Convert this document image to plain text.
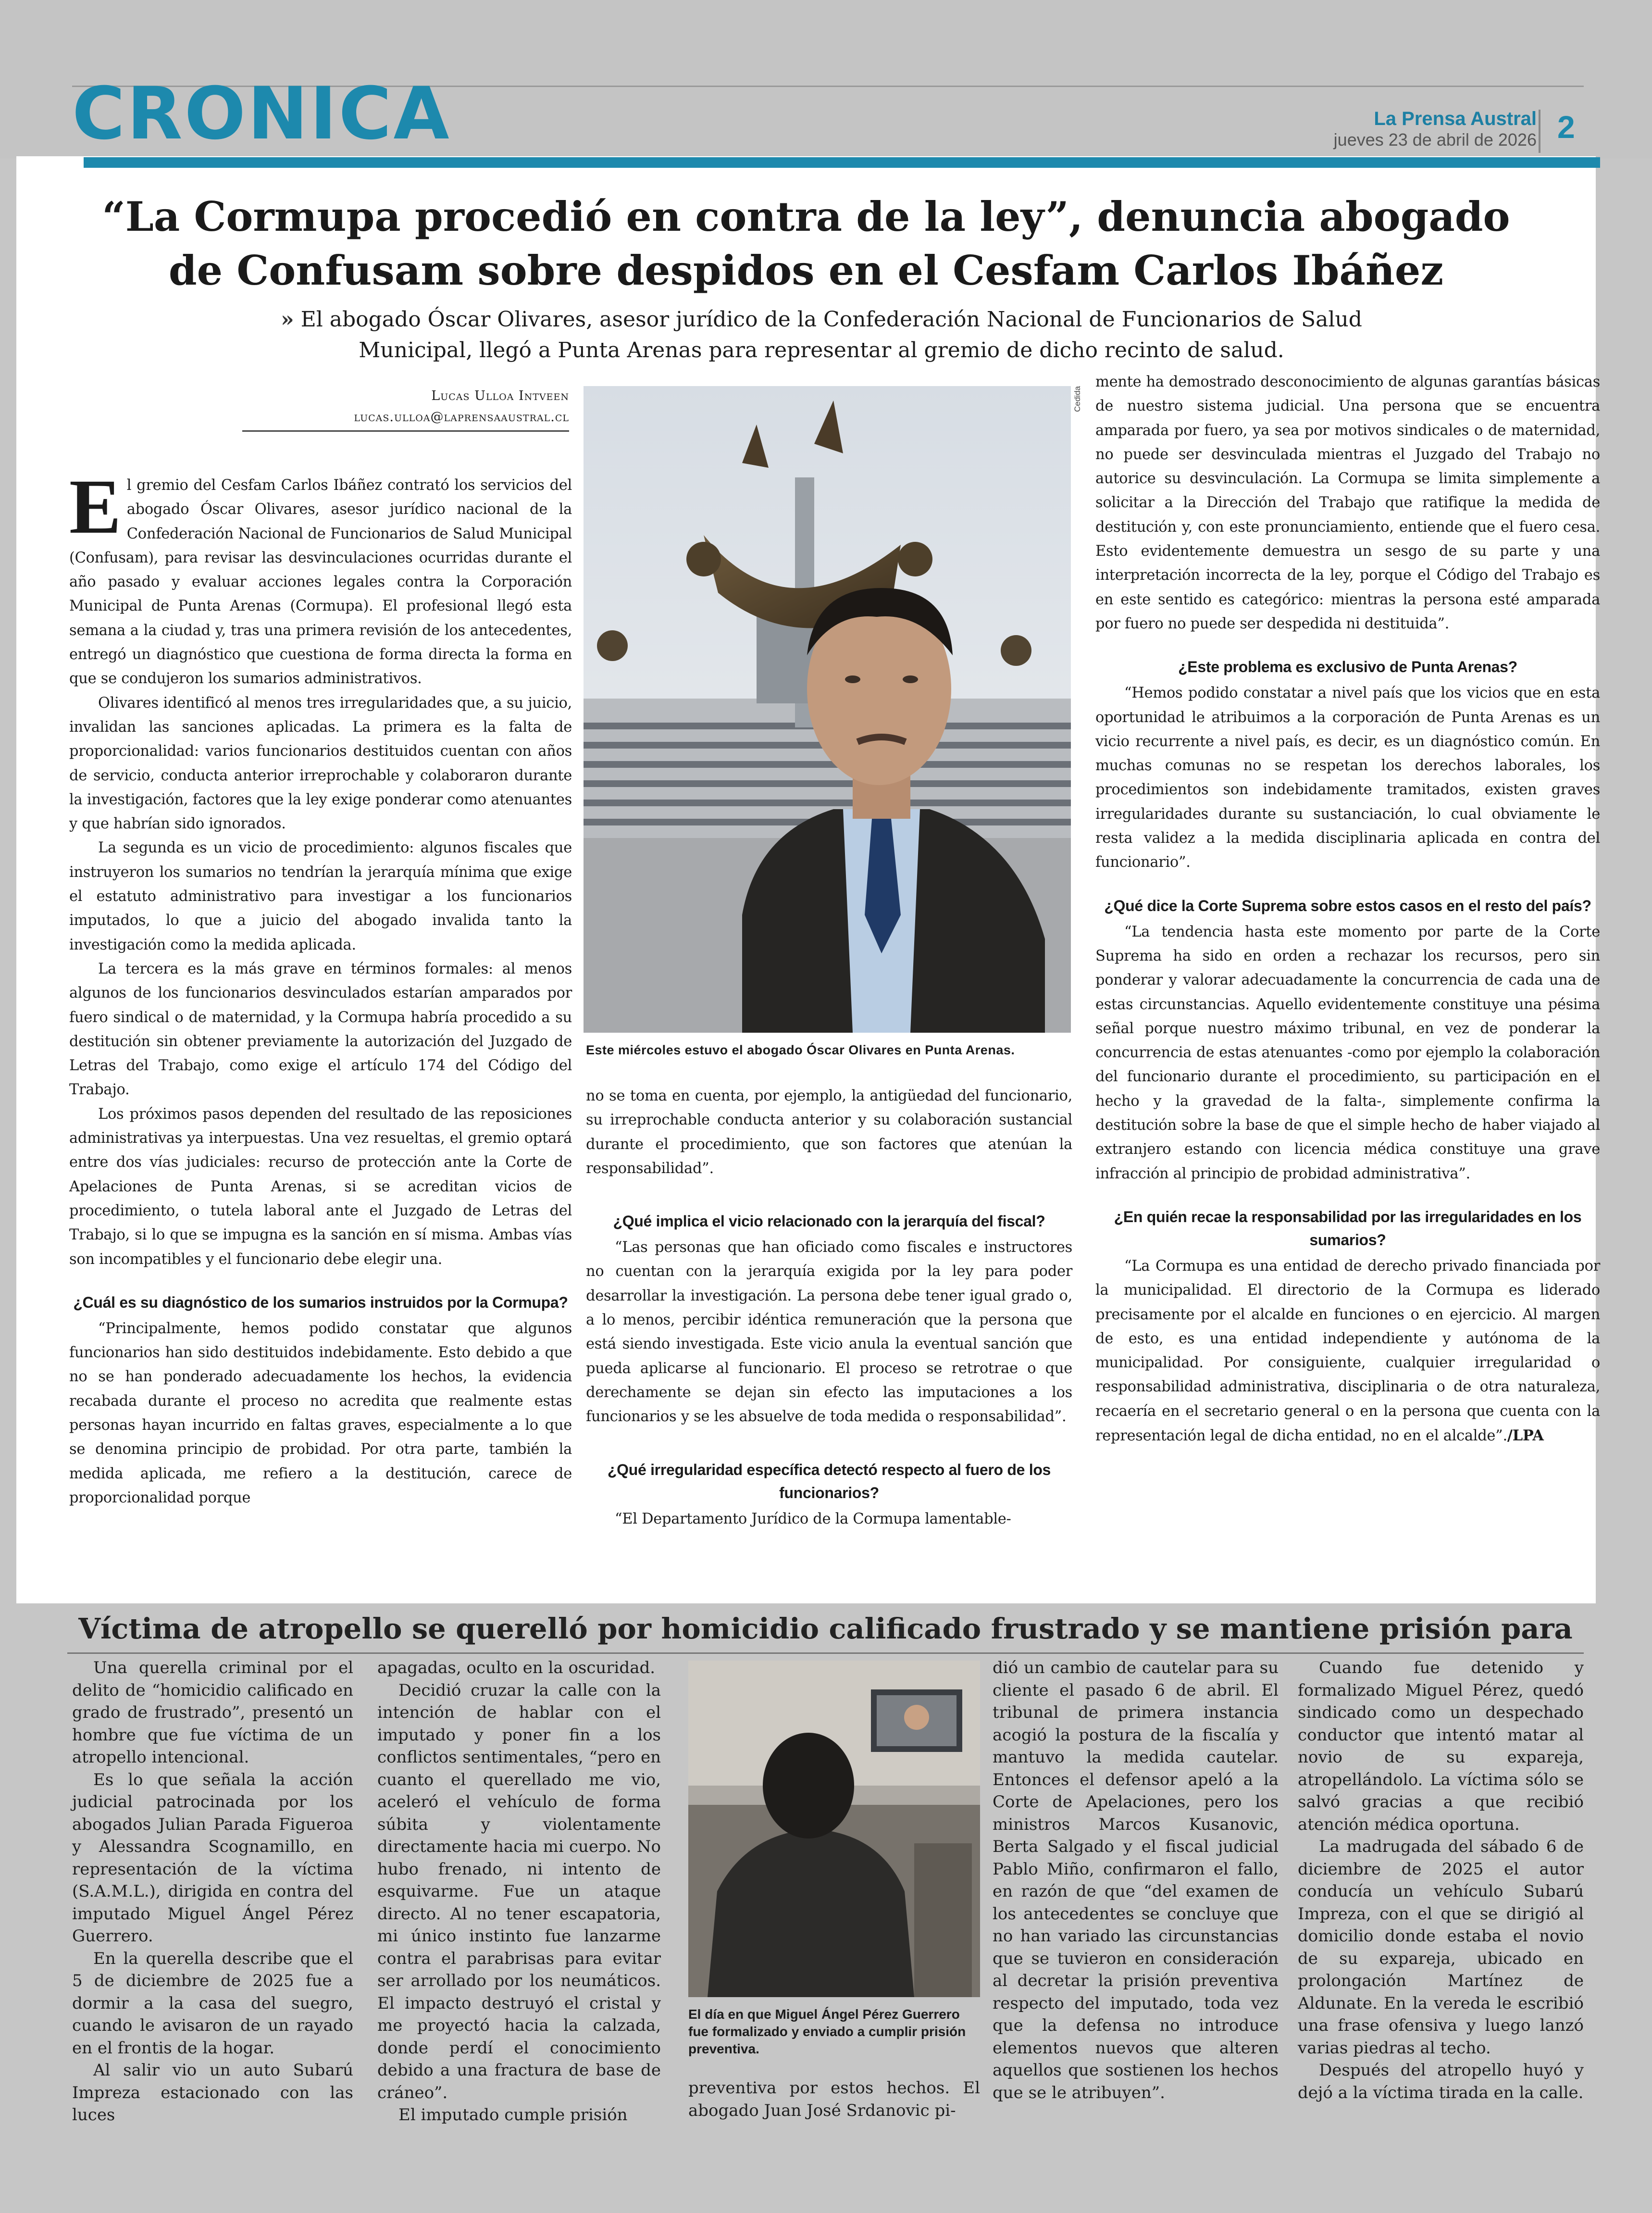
CRONICA	La Prensa Austral
jueves 23 de abril de 2026 2
“La Cormupa procedió en contra de la ley”, denuncia abogado de Confusam sobre despidos en el Cesfam Carlos Ibáñez
» El abogado Óscar Olivares, asesor jurídico de la Confederación Nacional de Funcionarios de Salud Municipal, llegó a Punta Arenas para representar al gremio de dicho recinto de salud.
Lucas Ulloa Intveen
lucas.ulloa@laprensaaustral.cl

El gremio del Cesfam Carlos Ibáñez contrató los servicios del abogado Óscar Olivares, asesor jurídico nacional de la Confederación Nacional de Funcionarios de Salud Municipal (Confusam), para revisar las desvinculaciones ocurridas durante el año pasado y evaluar acciones legales contra la Corporación Municipal de Punta Arenas (Cormupa). El profesional llegó esta semana a la ciudad y, tras una primera revisión de los antecedentes, entregó un diagnóstico que cuestiona de forma directa la forma en que se condujeron los sumarios administrativos.

Olivares identificó al menos tres irregularidades que, a su juicio, invalidan las sanciones aplicadas. La primera es la falta de proporcionalidad: varios funcionarios destituidos cuentan con años de servicio, conducta anterior irreprochable y colaboraron durante la investigación, factores que la ley exige ponderar como atenuantes y que habrían sido ignorados.

La segunda es un vicio de procedimiento: algunos fiscales que instruyeron los sumarios no tendrían la jerarquía mínima que exige el estatuto administrativo para investigar a los funcionarios imputados, lo que a juicio del abogado invalida tanto la investigación como la medida aplicada.

La tercera es la más grave en términos formales: al menos algunos de los funcionarios desvinculados estarían amparados por fuero sindical o de maternidad, y la Cormupa habría procedido a su destitución sin obtener previamente la autorización del Juzgado de Letras del Trabajo, como exige el artículo 174 del Código del Trabajo.

Los próximos pasos dependen del resultado de las reposiciones administrativas ya interpuestas. Una vez resueltas, el gremio optará entre dos vías judiciales: recurso de protección ante la Corte de Apelaciones de Punta Arenas, si se acreditan vicios de procedimiento, o tutela laboral ante el Juzgado de Letras del Trabajo, si lo que se impugna es la sanción en sí misma. Ambas vías son incompatibles y el funcionario debe elegir una.

¿Cuál es su diagnóstico de los sumarios instruidos por la Cormupa?

“Principalmente, hemos podido constatar que algunos funcionarios han sido destituidos indebidamente. Esto debido a que no se han ponderado adecuadamente los hechos, la evidencia recabada durante el proceso no acredita que realmente estas personas hayan incurrido en faltas graves, especialmente a lo que se denomina principio de probidad. Por otra parte, también la medida aplicada, me refiero a la destitución, carece de proporcionalidad porque

Cedida
Este miércoles estuvo el abogado Óscar Olivares en Punta Arenas.

no se toma en cuenta, por ejemplo, la antigüedad del funcionario, su irreprochable conducta anterior y su colaboración sustancial durante el procedimiento, que son factores que atenúan la responsabilidad”.

¿Qué implica el vicio relacionado con la jerarquía del fiscal?

“Las personas que han oficiado como fiscales e instructores no cuentan con la jerarquía exigida por la ley para poder desarrollar la investigación. La persona debe tener igual grado o, a lo menos, percibir idéntica remuneración que la persona que está siendo investigada. Este vicio anula la eventual sanción que pueda aplicarse al funcionario. El proceso se retrotrae o que derechamente se dejan sin efecto las imputaciones a los funcionarios y se les absuelve de toda medida o responsabilidad”.

¿Qué irregularidad específica detectó respecto al fuero de los funcionarios?

“El Departamento Jurídico de la Cormupa lamentable-

mente ha demostrado desconocimiento de algunas garantías básicas de nuestro sistema judicial. Una persona que se encuentra amparada por fuero, ya sea por motivos sindicales o de maternidad, no puede ser desvinculada mientras el Juzgado del Trabajo no autorice su desvinculación. La Cormupa se limita simplemente a solicitar a la Dirección del Trabajo que ratifique la medida de destitución y, con este pronunciamiento, entiende que el fuero cesa. Esto evidentemente demuestra un sesgo de su parte y una interpretación incorrecta de la ley, porque el Código del Trabajo es en este sentido es categórico: mientras la persona esté amparada por fuero no puede ser despedida ni destituida”.

¿Este problema es exclusivo de Punta Arenas?

“Hemos podido constatar a nivel país que los vicios que en esta oportunidad le atribuimos a la corporación de Punta Arenas es un vicio recurrente a nivel país, es decir, es un diagnóstico común. En muchas comunas no se respetan los derechos laborales, los procedimientos son indebidamente tramitados, existen graves irregularidades durante su sustanciación, lo cual obviamente le resta validez a la medida disciplinaria aplicada en contra del funcionario”.

¿Qué dice la Corte Suprema sobre estos casos en el resto del país?

“La tendencia hasta este momento por parte de la Corte Suprema ha sido en orden a rechazar los recursos, pero sin ponderar y valorar adecuadamente la concurrencia de cada una de estas circunstancias. Aquello evidentemente constituye una pésima señal porque nuestro máximo tribunal, en vez de ponderar la concurrencia de estas atenuantes -como por ejemplo la colaboración del funcionario durante el procedimiento, su participación en el hecho y la gravedad de la falta-, simplemente confirma la destitución sobre la base de que el simple hecho de haber viajado al extranjero estando con licencia médica constituye una grave infracción al principio de probidad administrativa”.

¿En quién recae la responsabilidad por las irregularidades en los sumarios?

“La Cormupa es una entidad de derecho privado financiada por la municipalidad. El directorio de la Cormupa es liderado precisamente por el alcalde en funciones o en ejercicio. Al margen de esto, es una entidad independiente y autónoma de la municipalidad. Por consiguiente, cualquier irregularidad o responsabilidad administrativa, disciplinaria o de otra naturaleza, recaería en el secretario general o en la persona que cuenta con la representación legal de dicha entidad, no en el alcalde”./LPA

Víctima de atropello se querelló por homicidio calificado frustrado y se mantiene prisión para

Una querella criminal por el delito de “homicidio calificado en grado de frustrado”, presentó un hombre que fue víctima de un atropello intencional.

Es lo que señala la acción judicial patrocinada por los abogados Julian Parada Figueroa y Alessandra Scognamillo, en representación de la víctima (S.A.M.L.), dirigida en contra del imputado Miguel Ángel Pérez Guerrero.

En la querella describe que el 5 de diciembre de 2025 fue a dormir a la casa del suegro, cuando le avisaron de un rayado en el frontis de la hogar.

Al salir vio un auto Subarú Impreza estacionado con las luces

apagadas, oculto en la oscuridad.

Decidió cruzar la calle con la intención de hablar con el imputado y poner fin a los conflictos sentimentales, “pero en cuanto el querellado me vio, aceleró el vehículo de forma súbita y violentamente directamente hacia mi cuerpo. No hubo frenado, ni intento de esquivarme. Fue un ataque directo. Al no tener escapatoria, mi único instinto fue lanzarme contra el parabrisas para evitar ser arrollado por los neumáticos. El impacto destruyó el cristal y me proyectó hacia la calzada, donde perdí el conocimiento debido a una fractura de base de cráneo”.

El imputado cumple prisión

El día en que Miguel Ángel Pérez Guerrero fue formalizado y enviado a cumplir prisión preventiva.

preventiva por estos hechos. El abogado Juan José Srdanovic pi-

dió un cambio de cautelar para su cliente el pasado 6 de abril. El tribunal de primera instancia acogió la postura de la fiscalía y mantuvo la medida cautelar. Entonces el defensor apeló a la Corte de Apelaciones, pero los ministros Marcos Kusanovic, Berta Salgado y el fiscal judicial Pablo Miño, confirmaron el fallo, en razón de que “del examen de los antecedentes se concluye que no han variado las circunstancias que se tuvieron en consideración al decretar la prisión preventiva respecto del imputado, toda vez que la defensa no introduce elementos nuevos que alteren aquellos que sostienen los hechos que se le atribuyen”.

Cuando fue detenido y formalizado Miguel Pérez, quedó sindicado como un despechado conductor que intentó matar al novio de su expareja, atropellándolo. La víctima sólo se salvó gracias a que recibió atención médica oportuna.

La madrugada del sábado 6 de diciembre de 2025 el autor conducía un vehículo Subarú Impreza, con el que se dirigió al domicilio donde estaba el novio de su expareja, ubicado en prolongación Martínez de Aldunate. En la vereda le escribió una frase ofensiva y luego lanzó varias piedras al techo.

Después del atropello huyó y dejó a la víctima tirada en la calle.
